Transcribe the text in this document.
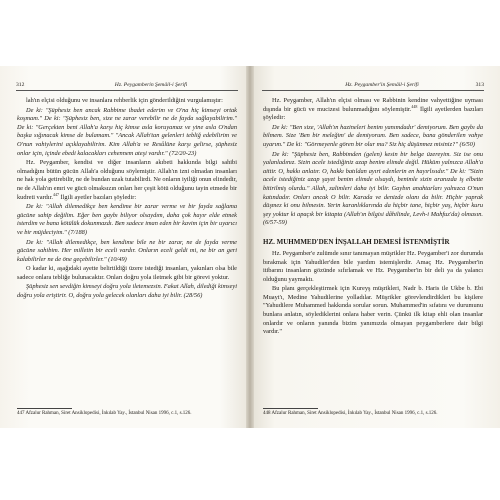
312	Hz. Peygamberin Şemâil-i Şerifi

lah'ın elçisi olduğunu ve insanlara rehberlik için gönderildiğini vurgulamıştır:

De ki: "Şüphesiz ben ancak Rabbime ibadet ederim ve O'na hiç kimseyi ortak koşmam." De ki: "Şüphesiz ben, size ne zarar verebilir ne de fayda sağlayabilirim." De ki: "Gerçekten beni Allah'a karşı hiç kimse asla koruyamaz ve yine asla O'ndan başka sığınacak kimse de bulamam." "Ancak Allah'tan gelenleri tebliğ edebilirim ve O'nun vahiylerini açıklayabilirim. Kim Allah'a ve Resûlüne karşı gelirse, şüphesiz onlar için, içinde ebedi kalacakları cehennem ateşi vardır." (72/20-23)

Hz. Peygamber, kendisi ve diğer insanların akıbeti hakkında bilgi sahibi olmadığını bütün gücün Allah'a olduğunu söylemiştir. Allah'ın izni olmadan insanları ne hak yola getirebilir, ne de bundan uzak tutabilirdi. Ne onların iyiliği onun elindedir, ne de Allah'ın emri ve gücü olmaksızın onları her çeşit kötü olduğunu tayin etmede bir kudreti vardır.$^{447}$ İlgili ayetler bazıları şöyledir:

De ki: "Allah dilemedikçe ben kendime bir zarar verme ve bir fayda sağlama gücüne sahip değilim. Eğer ben gaybı biliyor olsaydım, daha çok hayır elde etmek isterdim ve bana kötülük dokunmazdı. Ben sadece iman eden bir kavim için bir uyarıcı ve bir müjdeciyim." (7/188)

De ki: "Allah dilemedikçe, ben kendime bile ne bir zarar, ne de fayda verme gücüne sahibim. Her milletin bir eceli vardır. Onların eceli geldi mi, ne bir an geri kalabilirler ne de öne geçebilirler." (10/49)

O kadar ki, aşağıdaki ayette belirtildiği üzere istediği insanları, yakınları olsa bile sadece onlara tebliğe bulunacaktır. Onları doğru yola iletmek gibi bir görevi yoktur.

Şüphesiz sen sevdiğin kimseyi doğru yola iletemezsin. Fakat Allah, dilediği kimseyi doğru yola eriştirir. O, doğru yola gelecek olanları daha iyi bilir. (28/56)

447 Afzalur Rahman, Siret Ansiklopedisi, İnkılab Yay., İstanbul Nisan 1996, c.1, s.126.
Hz. Peygamber'in Şemâil-i Şerifi	313

Hz. Peygamber, Allah'ın elçisi olması ve Rabbinin kendine vahyettiğine uyması dışında bir gücü ve mucizesi bulunmadığını söylemiştir.$^{448}$ İlgili ayetlerden bazıları şöyledir:

De ki: "Ben size, 'Allah'ın hazineleri benim yanımdadır' demiyorum. Ben gaybı da bilmem. Size 'Ben bir meleğim' de demiyorum. Ben sadece, bana gönderilen vahye uyarım." De ki: "Görmeyenle gören bir olur mu? Siz hiç düşünmez misiniz?" (6/50)

De ki: "Şüphesiz ben, Rabbimden (gelen) kesin bir belge üzereyim. Siz ise onu yalanladınız. Sizin acele istediğiniz azap benim elimde değil. Hüküm yalnızca Allah'a aittir. O, hakkı anlatır. O, hakkı batıldan ayırt edenlerin en hayırlısıdır." De ki: "Sizin acele istediğiniz azap şayet benim elimde olsaydı, benimle sizin aranızda iş elbette bitirilmiş olurdu." Allah, zalimleri daha iyi bilir. Gaybın anahtarları yalnızca O'nun katındadır. Onları ancak O bilir. Karada ve denizde olanı da bilir. Hiçbir yaprak düşmez ki onu bilmesin. Yerin karanlıklarında da hiçbir tane, hiçbir yaş, hiçbir kuru şey yoktur ki apaçık bir kitapta (Allah'ın bilgisi dâhilinde, Levh-i Mahfuz'da) olmasın. (6/57-59)

HZ. MUHMMED'DEN İNŞALLAH DEMESİ İSTENMİŞTİR

Hz. Peygamber'e zulümde sınır tanımayan müşrikler Hz. Peygamber'i zor durumda bırakmak için Yahudiler'den bile yardım istemişlerdir. Amaç Hz. Peygamber'in itibarını insanların gözünde sıfırlamak ve Hz. Peygamber'in bir deli ya da yalancı olduğunu yaymaktı.

Bu planı gerçekleştirmek için Kureyş müşrikleri, Nadr b. Haris ile Ukbe b. Ebi Muayt'ı, Medine Yahudilerine yolladılar. Müşrikler görevlendirdikleri bu kişilere "Yahudilere Muhammed hakkında sorular sorun. Muhammed'in sıfatını ve durumunu bunlara anlatın, söylediklerini onlara haber verin. Çünkü ilk kitap ehli olan insanlar onlardır ve onların yanında bizim yanımızda olmayan peygamberlere dair bilgi vardır."

448 Afzalur Rahman, Siret Ansiklopedisi, İnkılab Yay., İstanbul Nisan 1996, c.1, s.126.
